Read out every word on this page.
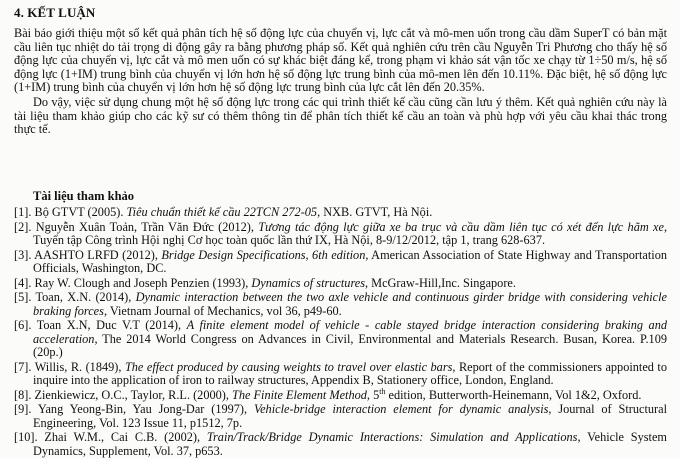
4. KẾT LUẬN

Bài báo giới thiệu một số kết quả phân tích hệ số động lực của chuyển vị, lực cắt và mô-men uốn trong cầu dầm SuperT có bản mặt cầu liên tục nhiệt do tải trọng di động gây ra bằng phương pháp số. Kết quả nghiên cứu trên cầu Nguyễn Tri Phương cho thấy hệ số động lực của chuyển vị, lực cắt và mô men uốn có sự khác biệt đáng kể, trong phạm vi khảo sát vận tốc xe chạy từ 1÷50 m/s, hệ số động lực (1+IM) trung bình của chuyển vị lớn hơn hệ số động lực trung bình của mô-men lên đến 10.11%. Đặc biệt, hệ số động lực (1+IM) trung bình của chuyển vị lớn hơn hệ số động lực trung bình của lực cắt lên đến 20.35%.

Do vậy, việc sử dụng chung một hệ số động lực trong các qui trình thiết kế cầu cũng cần lưu ý thêm. Kết quả nghiên cứu này là tài liệu tham khảo giúp cho các kỹ sư có thêm thông tin để phân tích thiết kế cầu an toàn và phù hợp với yêu cầu khai thác trong thực tế.

Tài liệu tham khảo

[1]. Bộ GTVT (2005). Tiêu chuẩn thiết kế cầu 22TCN 272-05, NXB. GTVT, Hà Nội.

[2]. Nguyễn Xuân Toản, Trần Văn Đức (2012), Tương tác động lực giữa xe ba trục và cầu dầm liên tục có xét đến lực hãm xe, Tuyển tập Công trình Hội nghị Cơ học toàn quốc lần thứ IX, Hà Nội, 8-9/12/2012, tập 1, trang 628-637.

[3]. AASHTO LRFD (2012), Bridge Design Specifications, 6th edition, American Association of State Highway and Transportation Officials, Washington, DC.

[4]. Ray W. Clough and Joseph Penzien (1993), Dynamics of structures, McGraw-Hill,Inc. Singapore.

[5]. Toan, X.N. (2014), Dynamic interaction between the two axle vehicle and continuous girder bridge with considering vehicle braking forces, Vietnam Journal of Mechanics, vol 36, p49-60.

[6]. Toan X.N, Duc V.T (2014), A finite element model of vehicle - cable stayed bridge interaction considering braking and acceleration, The 2014 World Congress on Advances in Civil, Environmental and Materials Research. Busan, Korea. P.109 (20p.)

[7]. Willis, R. (1849), The effect produced by causing weights to travel over elastic bars, Report of the commissioners appointed to inquire into the application of iron to railway structures, Appendix B, Stationery office, London, England.

[8]. Zienkiewicz, O.C., Taylor, R.L. (2000), The Finite Element Method, 5th edition, Butterworth-Heinemann, Vol 1&2, Oxford.

[9]. Yang Yeong-Bin, Yau Jong-Dar (1997), Vehicle-bridge interaction element for dynamic analysis, Journal of Structural Engineering, Vol. 123 Issue 11, p1512, 7p.

[10]. Zhai W.M., Cai C.B. (2002), Train/Track/Bridge Dynamic Interactions: Simulation and Applications, Vehicle System Dynamics, Supplement, Vol. 37, p653.
